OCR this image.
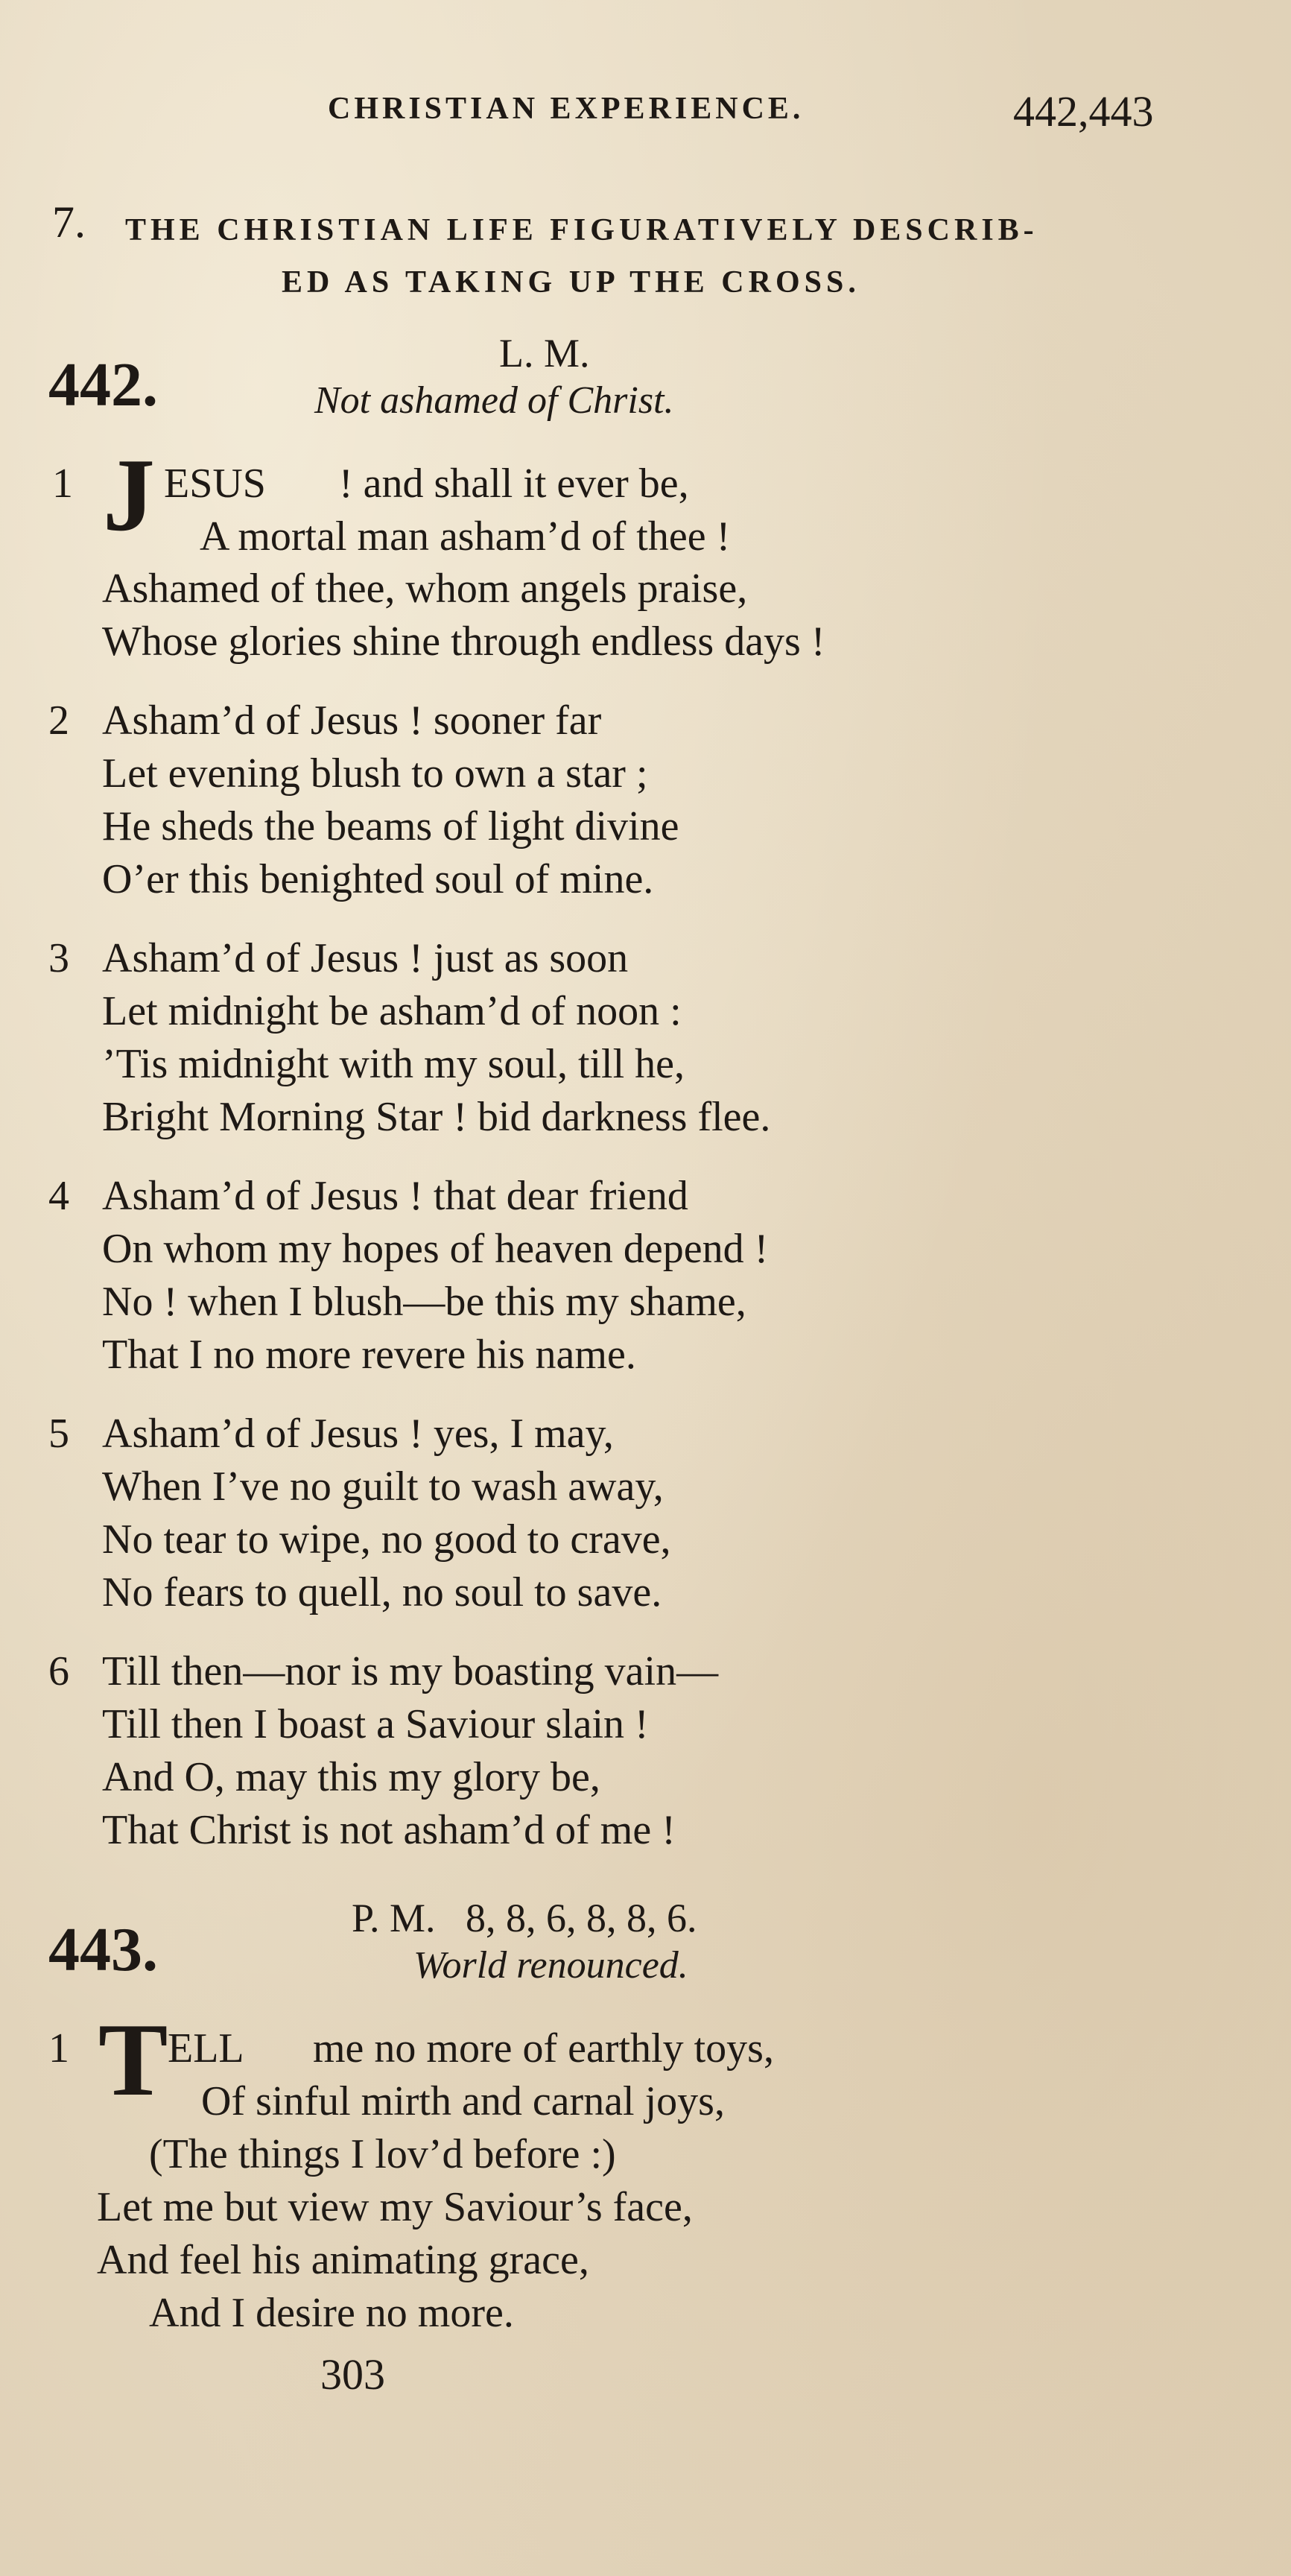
CHRISTIAN EXPERIENCE.	442,443
7. THE CHRISTIAN LIFE FIGURATIVELY DESCRIB-
ED AS TAKING UP THE CROSS.
442.	L. M.
Not ashamed of Christ.
1 J ESUS ! and shall it ever be,
A mortal man asham’d of thee !
Ashamed of thee, whom angels praise,
Whose glories shine through endless days !
2 Asham’d of Jesus ! sooner far
Let evening blush to own a star ;
He sheds the beams of light divine
O’er this benighted soul of mine.
3 Asham’d of Jesus ! just as soon
Let midnight be asham’d of noon :
’Tis midnight with my soul, till he,
Bright Morning Star ! bid darkness flee.
4 Asham’d of Jesus ! that dear friend
On whom my hopes of heaven depend !
No ! when I blush—be this my shame,
That I no more revere his name.
5 Asham’d of Jesus ! yes, I may,
When I’ve no guilt to wash away,
No tear to wipe, no good to crave,
No fears to quell, no soul to save.
6 Till then—nor is my boasting vain—
Till then I boast a Saviour slain !
And O, may this my glory be,
That Christ is not asham’d of me !
443.	P. M.   8, 8, 6, 8, 8, 6.
World renounced.
1 T ELL me no more of earthly toys,
Of sinful mirth and carnal joys,
(The things I lov’d before :)
Let me but view my Saviour’s face,
And feel his animating grace,
And I desire no more.
303
